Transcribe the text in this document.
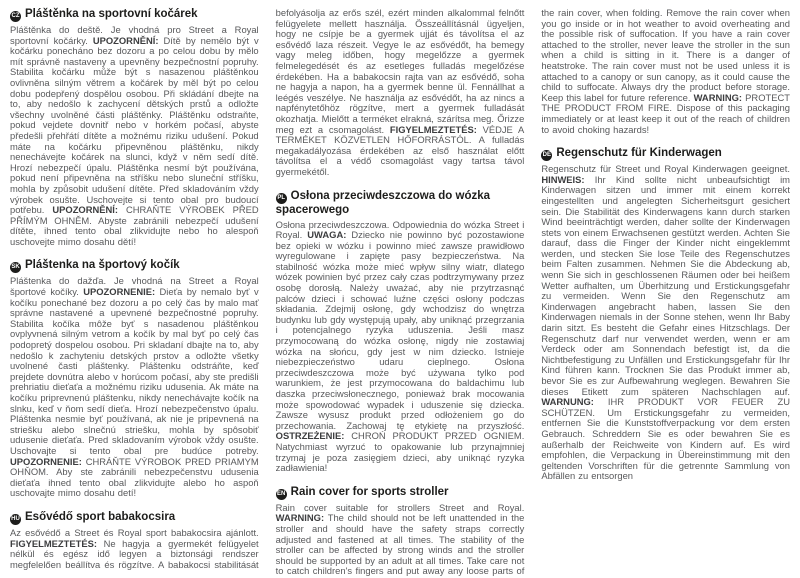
CZ Pláštěnka na sportovní kočárek

Pláštěnka do deště. Je vhodná pro Street a Royal sportovní kočárky. UPOZORNĚNÍ: Dítě by nemělo být v kočárku ponecháno bez dozoru a po celou dobu by mělo mít správně nastaveny a upevněny bezpečnostní popruhy. Stabilita kočárku může být s nasazenou pláštěnkou ovlivněna silným větrem a kočárek by měl být po celou dobu podepřený dospělou osobou. Při skládání dbejte na to, aby nedošlo k zachycení dětských prstů a odložte všechny uvolněné části pláštěnky. Pláštěnku odstraňte, pokud vejdete dovnitř nebo v horkém počasí, abyste předešli přehřátí dítěte a možnému riziku udušení. Pokud máte na kočárku připevněnou pláštěnku, nikdy nenechávejte kočárek na slunci, když v něm sedí dítě. Hrozí nebezpečí úpalu. Pláštěnka nesmí být používána, pokud není připevněna na stříšku nebo sluneční stříšku, mohla by způsobit udušení dítěte. Před skladováním vždy výrobek osušte. Uschovejte si tento obal pro budoucí potřebu. UPOZORNĚNÍ: CHRAŇTE VÝROBEK PŘED PŘÍMÝM OHNĚM. Abyste zabránili nebezpečí udušení dítěte, ihned tento obal zlikvidujte nebo ho alespoň uschovejte mimo dosahu dětí!

SK Pláštenka na športový kočík

Pláštenka do dažďa. Je vhodná na Street a Royal športové kočíky. UPOZORNENIE: Dieťa by nemalo byť v kočíku ponechané bez dozoru a po celý čas by malo mať správne nastavené a upevnené bezpečnostné popruhy. Stabilita kočíka môže byť s nasadenou pláštěnkou ovplyvnená silným vetrom a kočík by mal byť po celý čas podopretý dospelou osobou. Pri skladaní dbajte na to, aby nedošlo k zachyteniu detských prstov a odložte všetky uvolnené časti pláštenky. Pláštenku odstráňte, keď prejdete dovnútra alebo v horúcom počasí, aby ste predišli prehriatiu dieťaťa a možnému riziku udusenia. Ak máte na kočíku priprevnenú pláštenku, nikdy nenechávajte kočík na slnku, keď v ňom sedí dieťa. Hrozí nebezpečenstvo úpalu. Pláštenka nesmie byť používaná, ak nie je pripevnená na striešku alebo slnečnú striešku, mohla by spôsobiť udusenie dieťaťa. Pred skladovaním výrobok vždy osušte. Uschovajte si tento obal pre budúce potreby. UPOZORNENIE: CHRÁŇTE VÝROBOK PRED PRIAMYM OHŇOM. Aby ste zabránili nebezpečenstvu udusenia dieťaťa ihned tento obal zlikvidujte alebo ho aspoň uschovajte mimo dosahu detí!

HU Esővédő sport babakocsira

Az esővédő a Street és Royal sport babakocsira ajánlott. FIGYELMEZTETÉS: Ne hagyja a gyermekét felügyelet nélkül és egész idő legyen a biztonsági rendszer megfelelően beállítva és rögzítve. A babakocsi stabilitását befolyásolja az erős szél, ezért minden alkalommal felnőtt felügyelete mellett használja. Összeállításnál ügyeljen, hogy ne csípje be a gyermek ujját és távolítsa el az esővédő laza részeit. Vegye le az esővédőt, ha bemegy vagy meleg időben, hogy megelőzze a gyermek felmelegedését és az esetleges fulladás megelőzése érdekében. Ha a babakocsin rajta van az esővédő, soha ne hagyja a napon, ha a gyermek benne ül. Fennállhat a leégés veszélye. Ne használja az esővédőt, ha az nincs a napfénytetőhöz rögzítve, mert a gyermek fulladását okozhatja. Mielőtt a terméket elrakná, szárítsa meg. Őrizze meg ezt a csomagolást. FIGYELMEZTETÉS: VÉDJE A TERMÉKET KÖZVETLEN HŐFORRÁSTÓL. A fulladás megakadályozása érdekében az első használat előtt távolítsa el a védő csomagolást vagy tartsa távol gyermekétől.

PL Osłona przeciwdeszczowa do wózka spacerowego

Osłona przeciwdeszczowa. Odpowiednia do wózka Street i Royal. UWAGA: Dziecko nie powinno być pozostawione bez opieki w wózku i powinno mieć zawsze prawidłowo wyregulowane i zapięte pasy bezpieczeństwa. Na stabilność wózka może mieć wpływ silny wiatr, dlatego wózek powinien być przez cały czas podtrzymywany przez osobę dorosłą. Należy uważać, aby nie przytrzasnąć palców dzieci i schować luźne części osłony podczas składania. Zdejmij osłonę, gdy wchodzisz do wnętrza budynku lub gdy występują upały, aby uniknąć przegrzania i potencjalnego ryzyka uduszenia. Jeśli masz przymocowaną do wózka osłonę, nigdy nie zostawiaj wózka na słońcu, gdy jest w nim dziecko. Istnieje niebezpieczeństwo udaru cieplnego. Osłona przeciwdeszczowa może być używana tylko pod warunkiem, że jest przymocowana do baldachimu lub daszka przeciwsłonecznego, ponieważ brak mocowania może spowodować wypadek i uduszenie się dziecka. Zawsze wysusz produkt przed odłożeniem go do przechowania. Zachowaj tę etykietę na przyszłość. OSTRZEŻENIE: CHROŃ PRODUKT PRZED OGNIEM. Natychmiast wyrzuć to opakowanie lub przynajmniej trzymaj je poza zasięgiem dzieci, aby uniknąć ryzyka zadławienia!

EN Rain cover for sports stroller

Rain cover suitable for strollers Street and Royal. WARNING: The child should not be left unattended in the stroller and should have the safety straps correctly adjusted and fastened at all times. The stability of the stroller can be affected by strong winds and the stroller should be supported by an adult at all times. Take care not to catch children's fingers and put away any loose parts of the rain cover, when folding. Remove the rain cover when you go inside or in hot weather to avoid overheating and the possible risk of suffocation. If you have a rain cover attached to the stroller, never leave the stroller in the sun when a child is sitting in it. There is a danger of heatstroke. The rain cover must not be used unless it is attached to a canopy or sun canopy, as it could cause the child to suffocate. Always dry the product before storage. Keep this label for future reference. WARNING: PROTECT THE PRODUCT FROM FIRE. Dispose of this packaging immediately or at least keep it out of the reach of children to avoid choking hazards!

DE Regenschutz für Kinderwagen

Regenschutz für Street und Royal Kinderwagen geeignet. HINWEIS: Ihr Kind sollte nicht unbeaufsichtigt im Kinderwagen sitzen und immer mit einem korrekt eingestellten und angelegten Sicherheitsgurt gesichert sein. Die Stabilität des Kinderwagens kann durch starken Wind beeinträchtigt werden, daher sollte der Kinderwagen stets von einem Erwachsenen gestützt werden. Achten Sie darauf, dass die Finger der Kinder nicht eingeklemmt werden, und stecken Sie lose Teile des Regenschutzes beim Falten zusammen. Nehmen Sie die Abdeckung ab, wenn Sie sich in geschlossenen Räumen oder bei heißem Wetter aufhalten, um Überhitzung und Erstickungsgefahr zu vermeiden. Wenn Sie den Regenschutz am Kinderwagen angebracht haben, lassen Sie den Kinderwagen niemals in der Sonne stehen, wenn Ihr Baby darin sitzt. Es besteht die Gefahr eines Hitzschlags. Der Regenschutz darf nur verwendet werden, wenn er am Verdeck oder am Sonnendach befestigt ist, da die Nichtbefestigung zu Unfällen und Erstickungsgefahr für Ihr Kind führen kann. Trocknen Sie das Produkt immer ab, bevor Sie es zur Aufbewahrung weglegen. Bewahren Sie dieses Etikett zum späteren Nachschlagen auf. WARNUNG: IHR PRODUKT VOR FEUER ZU SCHÜTZEN. Um Erstickungsgefahr zu vermeiden, entfernen Sie die Kunststoffverpackung vor dem ersten Gebrauch. Schreddern Sie es oder bewahren Sie es außerhalb der Reichweite von Kindern auf. Es wird empfohlen, die Verpackung in Übereinstimmung mit den geltenden Vorschriften für die getrennte Sammlung von Abfällen zu entsorgen
